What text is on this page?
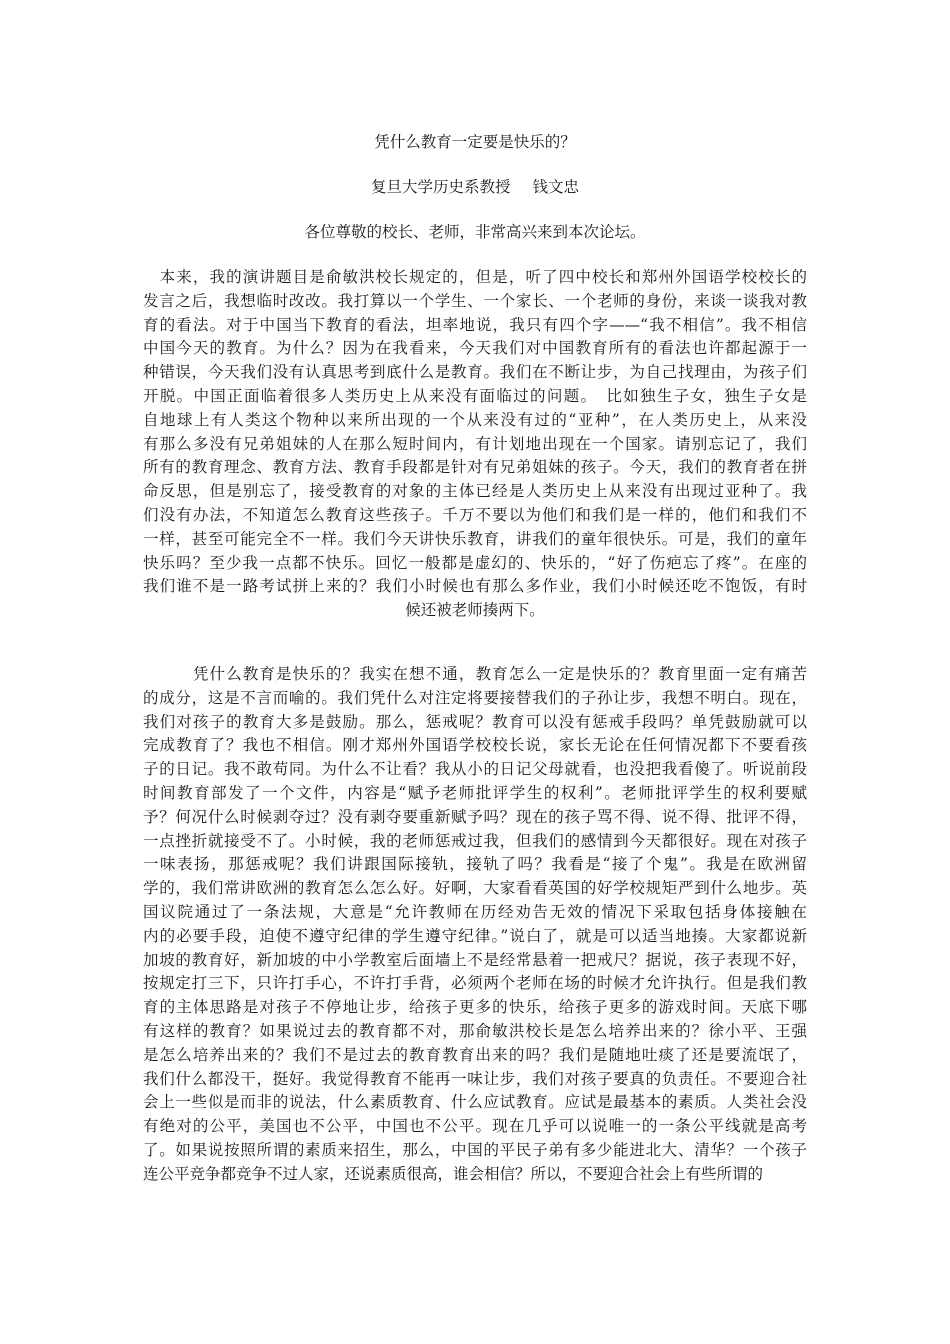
凭什么教育一定要是快乐的？
复旦大学历史系教授 钱文忠
各位尊敬的校长、老师，非常高兴来到本次论坛。
　本来，我的演讲题目是俞敏洪校长规定的，但是，听了四中校长和郑州外国语学校校长的
发言之后，我想临时改改。我打算以一个学生、一个家长、一个老师的身份，来谈一谈我对教
育的看法。对于中国当下教育的看法，坦率地说，我只有四个字——“我不相信”。我不相信
中国今天的教育。为什么？因为在我看来，今天我们对中国教育所有的看法也许都起源于一
种错误，今天我们没有认真思考到底什么是教育。我们在不断让步，为自己找理由，为孩子们
开脱。中国正面临着很多人类历史上从来没有面临过的问题。　比如独生子女，独生子女是
自地球上有人类这个物种以来所出现的一个从来没有过的“亚种”，在人类历史上，从来没
有那么多没有兄弟姐妹的人在那么短时间内，有计划地出现在一个国家。请别忘记了，我们
所有的教育理念、教育方法、教育手段都是针对有兄弟姐妹的孩子。今天，我们的教育者在拼
命反思，但是别忘了，接受教育的对象的主体已经是人类历史上从来没有出现过亚种了。我
们没有办法，不知道怎么教育这些孩子。千万不要以为他们和我们是一样的，他们和我们不
一样，甚至可能完全不一样。我们今天讲快乐教育，讲我们的童年很快乐。可是，我们的童年
快乐吗？至少我一点都不快乐。回忆一般都是虚幻的、快乐的，“好了伤疤忘了疼”。在座的
我们谁不是一路考试拼上来的？我们小时候也有那么多作业，我们小时候还吃不饱饭，有时
候还被老师揍两下。
　　　凭什么教育是快乐的？我实在想不通，教育怎么一定是快乐的？教育里面一定有痛苦
的成分，这是不言而喻的。我们凭什么对注定将要接替我们的子孙让步，我想不明白。现在，
我们对孩子的教育大多是鼓励。那么，惩戒呢？教育可以没有惩戒手段吗？单凭鼓励就可以
完成教育了？我也不相信。刚才郑州外国语学校校长说，家长无论在任何情况都下不要看孩
子的日记。我不敢苟同。为什么不让看？我从小的日记父母就看，也没把我看傻了。听说前段
时间教育部发了一个文件，内容是“赋予老师批评学生的权利”。老师批评学生的权利要赋
予？何况什么时候剥夺过？没有剥夺要重新赋予吗？现在的孩子骂不得、说不得、批评不得，
一点挫折就接受不了。小时候，我的老师惩戒过我，但我们的感情到今天都很好。现在对孩子
一味表扬，那惩戒呢？我们讲跟国际接轨，接轨了吗？我看是“接了个鬼”。我是在欧洲留
学的，我们常讲欧洲的教育怎么怎么好。好啊，大家看看英国的好学校规矩严到什么地步。英
国议院通过了一条法规，大意是“允许教师在历经劝告无效的情况下采取包括身体接触在
内的必要手段，迫使不遵守纪律的学生遵守纪律。”说白了，就是可以适当地揍。大家都说新
加坡的教育好，新加坡的中小学教室后面墙上不是经常悬着一把戒尺？据说，孩子表现不好，
按规定打三下，只许打手心，不许打手背，必须两个老师在场的时候才允许执行。但是我们教
育的主体思路是对孩子不停地让步，给孩子更多的快乐，给孩子更多的游戏时间。天底下哪
有这样的教育？如果说过去的教育都不对，那俞敏洪校长是怎么培养出来的？徐小平、王强
是怎么培养出来的？我们不是过去的教育教育出来的吗？我们是随地吐痰了还是要流氓了，
我们什么都没干，挺好。我觉得教育不能再一味让步，我们对孩子要真的负责任。不要迎合社
会上一些似是而非的说法，什么素质教育、什么应试教育。应试是最基本的素质。人类社会没
有绝对的公平，美国也不公平，中国也不公平。现在几乎可以说唯一的一条公平线就是高考
了。如果说按照所谓的素质来招生，那么，中国的平民子弟有多少能进北大、清华？一个孩子
连公平竞争都竞争不过人家，还说素质很高，谁会相信？所以，不要迎合社会上有些所谓的
